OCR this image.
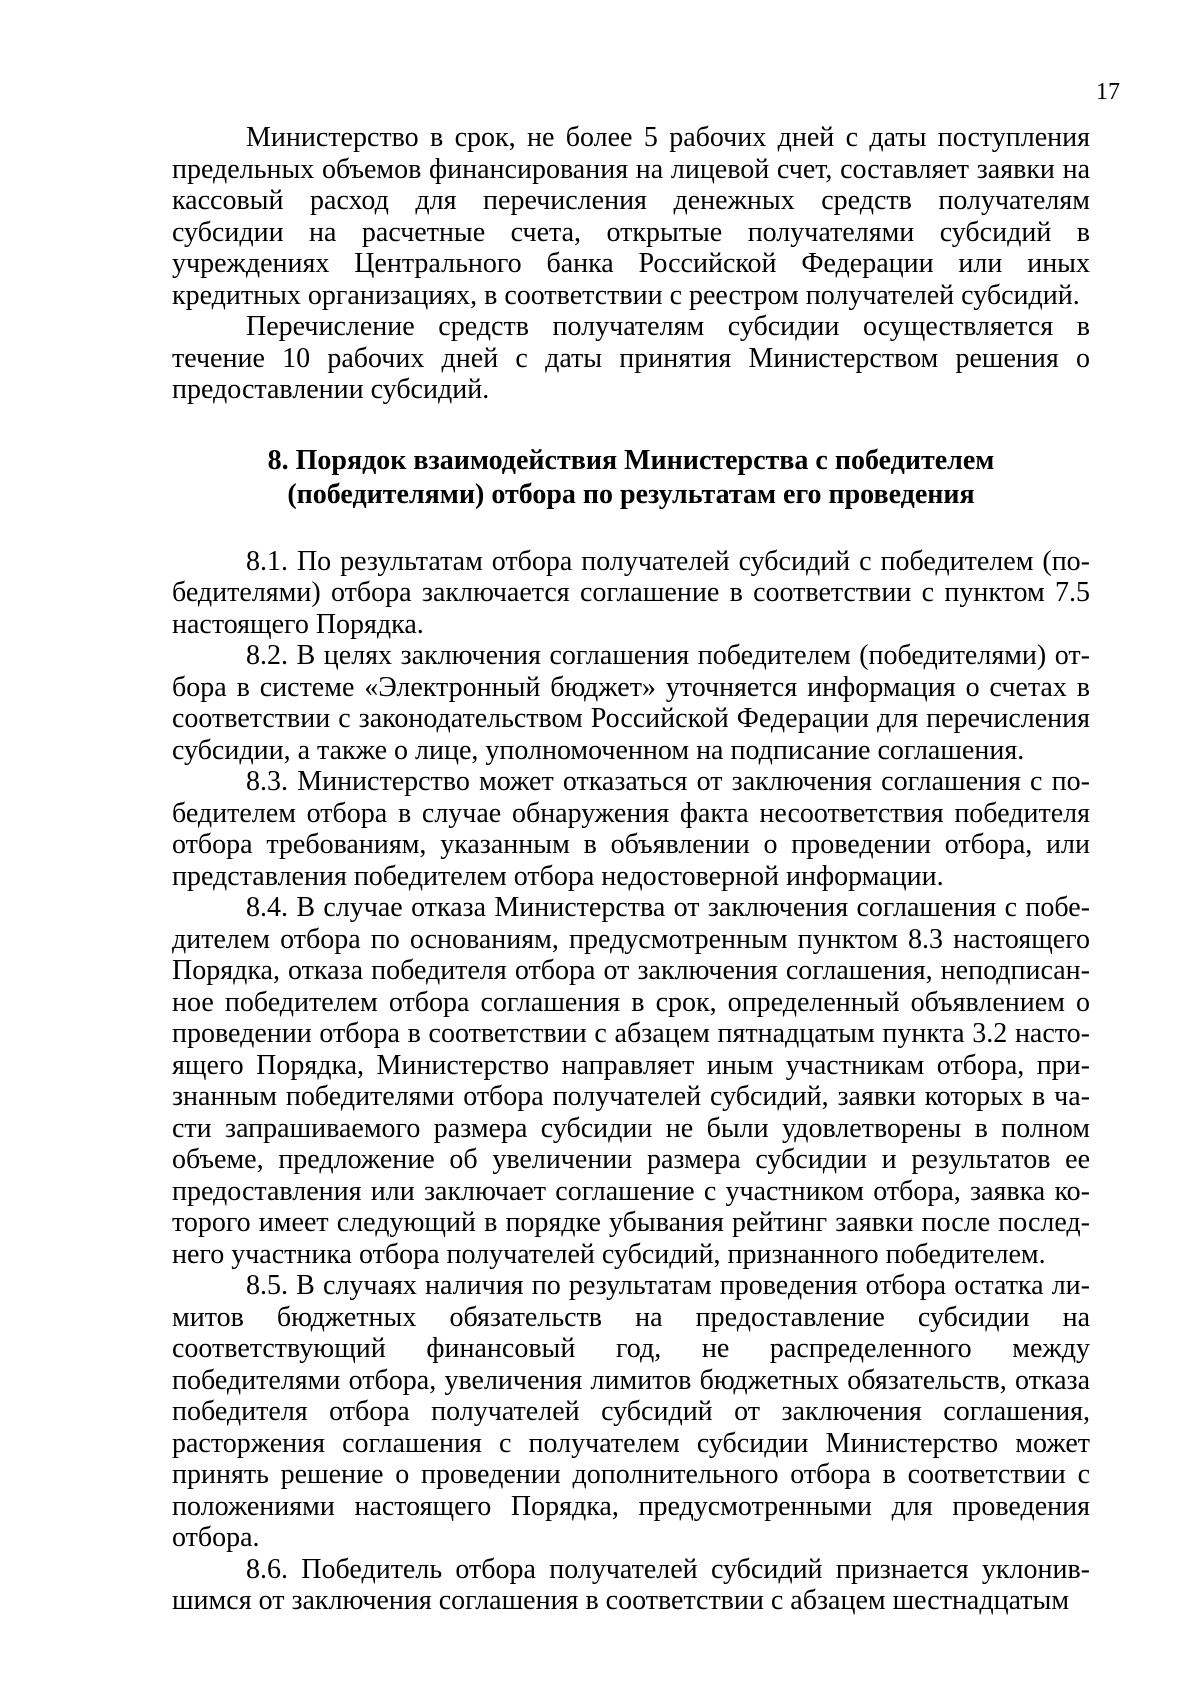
17

Министерство в срок, не более 5 рабочих дней с даты поступления предельных объемов финансирования на лицевой счет, составляет заявки на кассовый расход для перечисления денежных средств получателям субсидии на расчетные счета, открытые получателями субсидий в учреждениях Центрального банка Российской Федерации или иных кредитных организациях, в соответствии с реестром получателей субсидий.

Перечисление средств получателям субсидии осуществляется в течение 10 рабочих дней с даты принятия Министерством решения о предоставлении субсидий.

8. Порядок взаимодействия Министерства с победителем
(победителями) отбора по результатам его проведения

8.1. По результатам отбора получателей субсидий с победителем (победителями) отбора заключается соглашение в соответствии с пунктом 7.5 настоящего Порядка.

8.2. В целях заключения соглашения победителем (победителями) отбора в системе «Электронный бюджет» уточняется информация о счетах в соответствии с законодательством Российской Федерации для перечисления субсидии, а также о лице, уполномоченном на подписание соглашения.

8.3. Министерство может отказаться от заключения соглашения с победителем отбора в случае обнаружения факта несоответствия победителя отбора требованиям, указанным в объявлении о проведении отбора, или представления победителем отбора недостоверной информации.

8.4. В случае отказа Министерства от заключения соглашения с победителем отбора по основаниям, предусмотренным пунктом 8.3 настоящего Порядка, отказа победителя отбора от заключения соглашения, неподписанное победителем отбора соглашения в срок, определенный объявлением о проведении отбора в соответствии с абзацем пятнадцатым пункта 3.2 настоящего Порядка, Министерство направляет иным участникам отбора, признанным победителями отбора получателей субсидий, заявки которых в части запрашиваемого размера субсидии не были удовлетворены в полном объеме, предложение об увеличении размера субсидии и результатов ее предоставления или заключает соглашение с участником отбора, заявка которого имеет следующий в порядке убывания рейтинг заявки после последнего участника отбора получателей субсидий, признанного победителем.

8.5. В случаях наличия по результатам проведения отбора остатка лимитов бюджетных обязательств на предоставление субсидии на соответствующий финансовый год, не распределенного между победителями отбора, увеличения лимитов бюджетных обязательств, отказа победителя отбора получателей субсидий от заключения соглашения, расторжения соглашения с получателем субсидии Министерство может принять решение о проведении дополнительного отбора в соответствии с положениями настоящего Порядка, предусмотренными для проведения отбора.

8.6. Победитель отбора получателей субсидий признается уклонившимся от заключения соглашения в соответствии с абзацем шестнадцатым
